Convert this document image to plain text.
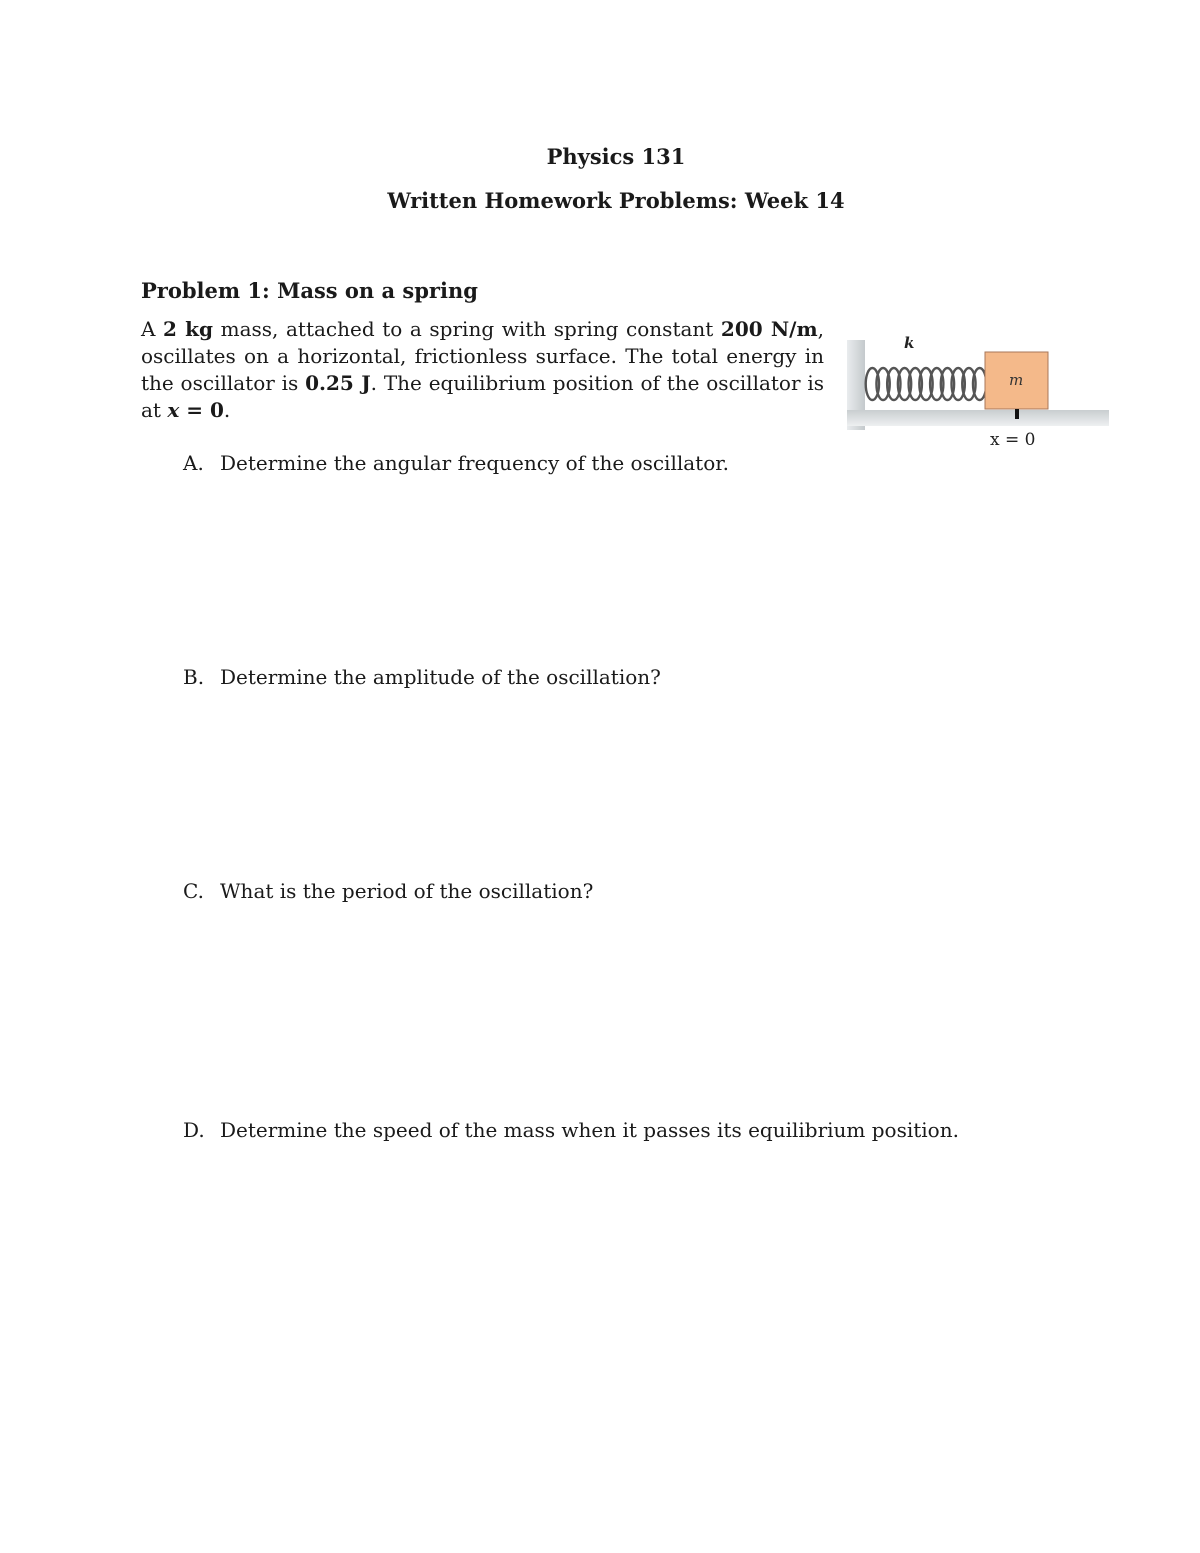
Physics 131
Written Homework Problems: Week 14
Problem 1: Mass on a spring
A 2 kg mass, attached to a spring with spring constant 200 N/m, oscillates on a horizontal, frictionless surface. The total energy in the oscillator is 0.25 J. The equilibrium position of the oscillator is at x = 0.
k
m
x = 0
A. Determine the angular frequency of the oscillator.
B. Determine the amplitude of the oscillation?
C. What is the period of the oscillation?
D. Determine the speed of the mass when it passes its equilibrium position.
